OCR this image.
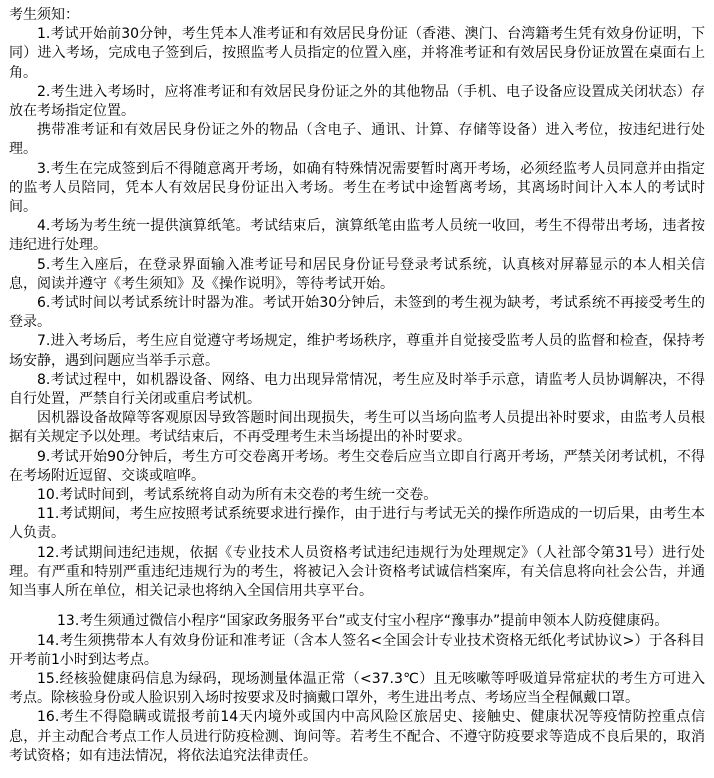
考生须知：

1.考试开始前30分钟，考生凭本人准考证和有效居民身份证（香港、澳门、台湾籍考生凭有效身份证明，下同）进入考场，完成电子签到后，按照监考人员指定的位置入座，并将准考证和有效居民身份证放置在桌面右上角。

2.考生进入考场时，应将准考证和有效居民身份证之外的其他物品（手机、电子设备应设置成关闭状态）存放在考场指定位置。

携带准考证和有效居民身份证之外的物品（含电子、通讯、计算、存储等设备）进入考位，按违纪进行处理。

3.考生在完成签到后不得随意离开考场，如确有特殊情况需要暂时离开考场，必须经监考人员同意并由指定的监考人员陪同，凭本人有效居民身份证出入考场。考生在考试中途暂离考场，其离场时间计入本人的考试时间。

4.考场为考生统一提供演算纸笔。考试结束后，演算纸笔由监考人员统一收回，考生不得带出考场，违者按违纪进行处理。

5.考生入座后，在登录界面输入准考证号和居民身份证号登录考试系统，认真核对屏幕显示的本人相关信息，阅读并遵守《考生须知》及《操作说明》，等待考试开始。

6.考试时间以考试系统计时器为准。考试开始30分钟后，未签到的考生视为缺考，考试系统不再接受考生的登录。

7.进入考场后，考生应自觉遵守考场规定，维护考场秩序，尊重并自觉接受监考人员的监督和检查，保持考场安静，遇到问题应当举手示意。

8.考试过程中，如机器设备、网络、电力出现异常情况，考生应及时举手示意，请监考人员协调解决，不得自行处置，严禁自行关闭或重启考试机。

因机器设备故障等客观原因导致答题时间出现损失，考生可以当场向监考人员提出补时要求，由监考人员根据有关规定予以处理。考试结束后，不再受理考生未当场提出的补时要求。

9.考试开始90分钟后，考生方可交卷离开考场。考生交卷后应当立即自行离开考场，严禁关闭考试机，不得在考场附近逗留、交谈或喧哗。

10.考试时间到，考试系统将自动为所有未交卷的考生统一交卷。

11.考试期间，考生应按照考试系统要求进行操作，由于进行与考试无关的操作所造成的一切后果，由考生本人负责。

12.考试期间违纪违规，依据《专业技术人员资格考试违纪违规行为处理规定》（人社部令第31号）进行处理。有严重和特别严重违纪违规行为的考生，将被记入会计资格考试诚信档案库，有关信息将向社会公告，并通知当事人所在单位，相关记录也将纳入全国信用共享平台。

13.考生须通过微信小程序“国家政务服务平台”或支付宝小程序“豫事办”提前申领本人防疫健康码。

14.考生须携带本人有效身份证和准考证（含本人签名<全国会计专业技术资格无纸化考试协议>）于各科目开考前1小时到达考点。

15.经核验健康码信息为绿码，现场测量体温正常（<37.3℃）且无咳嗽等呼吸道异常症状的考生方可进入考点。除核验身份或人脸识别入场时按要求及时摘戴口罩外，考生进出考点、考场应当全程佩戴口罩。

16.考生不得隐瞒或谎报考前14天内境外或国内中高风险区旅居史、接触史、健康状况等疫情防控重点信息，并主动配合考点工作人员进行防疫检测、询问等。若考生不配合、不遵守防疫要求等造成不良后果的，取消考试资格；如有违法情况，将依法追究法律责任。
